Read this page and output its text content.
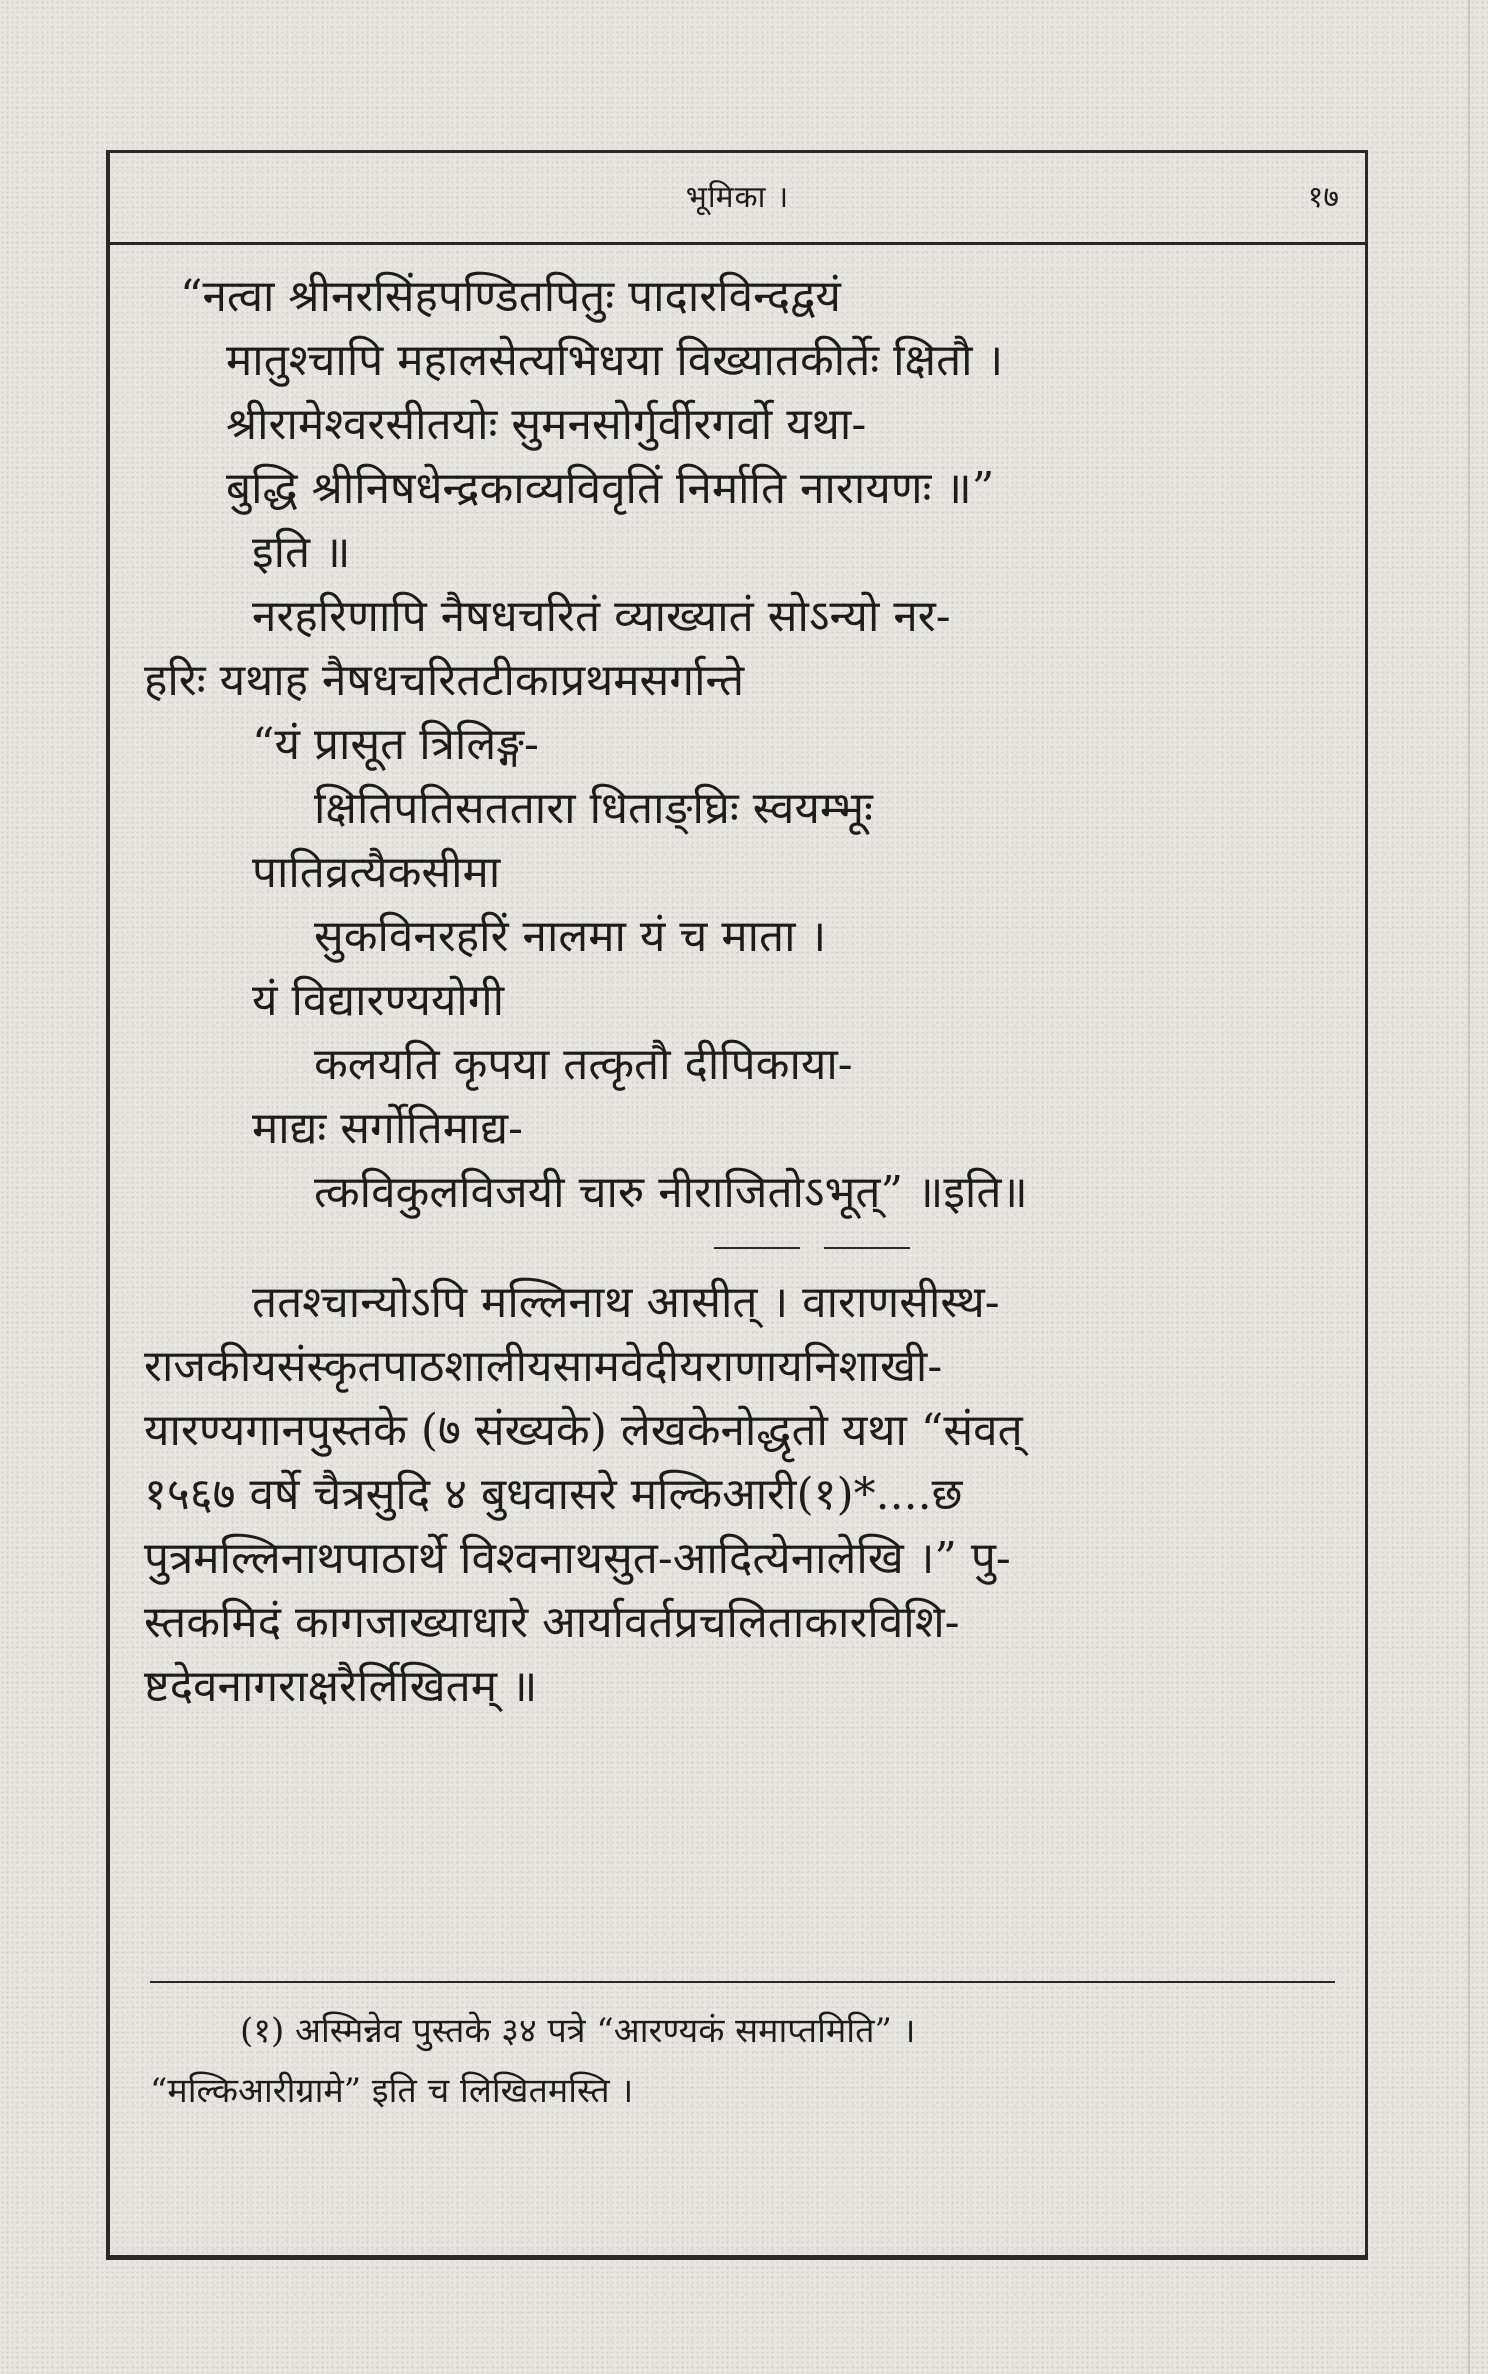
भूमिका ।	१७
“नत्वा श्रीनरसिंहपण्डितपितुः पादारविन्दद्वयं
मातुश्चापि महालसेत्यभिधया विख्यातकीर्तेः क्षितौ ।
श्रीरामेश्वरसीतयोः सुमनसोर्गुर्वीरगर्वो यथा-
बुद्धि श्रीनिषधेन्द्रकाव्यविवृतिं निर्माति नारायणः ॥”
इति ॥
नरहरिणापि नैषधचरितं व्याख्यातं सोऽन्यो नर-
हरिः यथाह नैषधचरितटीकाप्रथमसर्गान्ते
“यं प्रासूत त्रिलिङ्ग-
क्षितिपतिसततारा धिताङ्घ्रिः स्वयम्भूः
पातिव्रत्यैकसीमा
सुकविनरहरिं नालमा यं च माता ।
यं विद्यारण्ययोगी
कलयति कृपया तत्कृतौ दीपिकाया-
माद्यः सर्गोतिमाद्य-
त्कविकुलविजयी चारु नीराजितोऽभूत्” ॥इति॥
ततश्चान्योऽपि मल्लिनाथ आसीत् । वाराणसीस्थ-
राजकीयसंस्कृतपाठशालीयसामवेदीयराणायनिशाखी-
यारण्यगानपुस्तके (७ संख्यके) लेखकेनोद्धृतो यथा “संवत्
१५६७ वर्षे चैत्रसुदि ४ बुधवासरे मल्किआरी(१)*....छ
पुत्रमल्लिनाथपाठार्थे विश्वनाथसुत-आदित्येनालेखि ।” पु-
स्तकमिदं कागजाख्याधारे आर्यावर्तप्रचलिताकारविशि-
ष्टदेवनागराक्षरैर्लिखितम् ॥
(१) अस्मिन्नेव पुस्तके ३४ पत्रे “आरण्यकं समाप्तमिति” ।
“मल्किआरीग्रामे” इति च लिखितमस्ति ।
